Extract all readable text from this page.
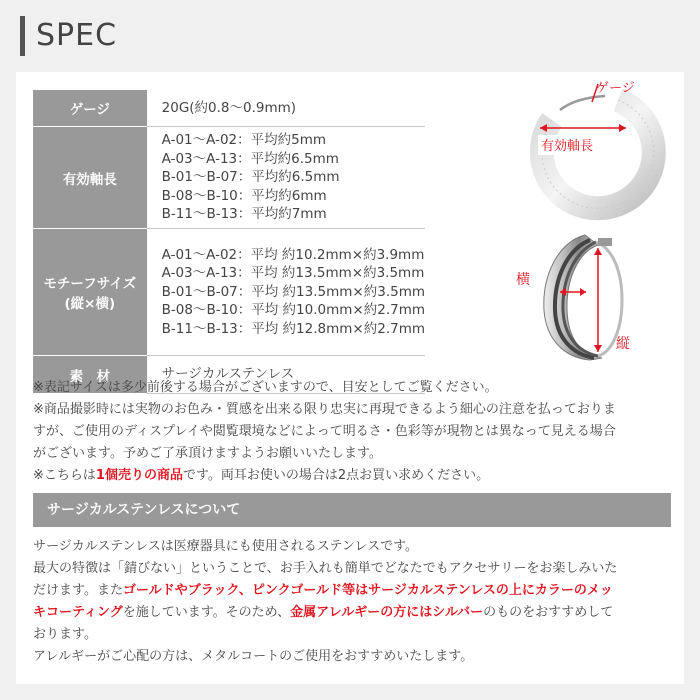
SPEC
ゲージ	20G(約0.8〜0.9mm)

有効軸長	A-01〜A-02：平均約5mm
A-03〜A-13：平均約6.5mm
B-01〜B-07：平均約6.5mm
B-08〜B-10：平均約6mm
B-11〜B-13：平均約7mm

モチーフサイズ
(縦×横)	A-01〜A-02：平均 約10.2mm×約3.9mm
A-03〜A-13：平均 約13.5mm×約3.5mm
B-01〜B-07：平均 約13.5mm×約3.5mm
B-08〜B-10：平均 約10.0mm×約2.7mm
B-11〜B-13：平均 約12.8mm×約2.7mm

素　材	サージカルステンレス
ゲージ
有効軸長
横
縦

※表記サイズは多少前後する場合がございますので、目安としてご覧ください。

※商品撮影時には実物のお色み・質感を出来る限り忠実に再現できるよう細心の注意を払っておりま

すが、ご使用のディスプレイや閲覧環境などによって明るさ・色彩等が現物とは異なって見える場合

がございます。予めご了承頂けますようお願いいたします。

※こちらは1個売りの商品です。両耳お使いの場合は2点お買い求めください。

サージカルステンレスについて

サージカルステンレスは医療器具にも使用されるステンレスです。

最大の特徴は「錆びない」ということで、お手入れも簡単でどなたでもアクセサリーをお楽しみいた

だけます。またゴールドやブラック、ピンクゴールド等はサージカルステンレスの上にカラーのメッ

キコーティングを施しています。そのため、金属アレルギーの方にはシルバーのものをおすすめして

おります。

アレルギーがご心配の方は、メタルコートのご使用をおすすめいたします。
